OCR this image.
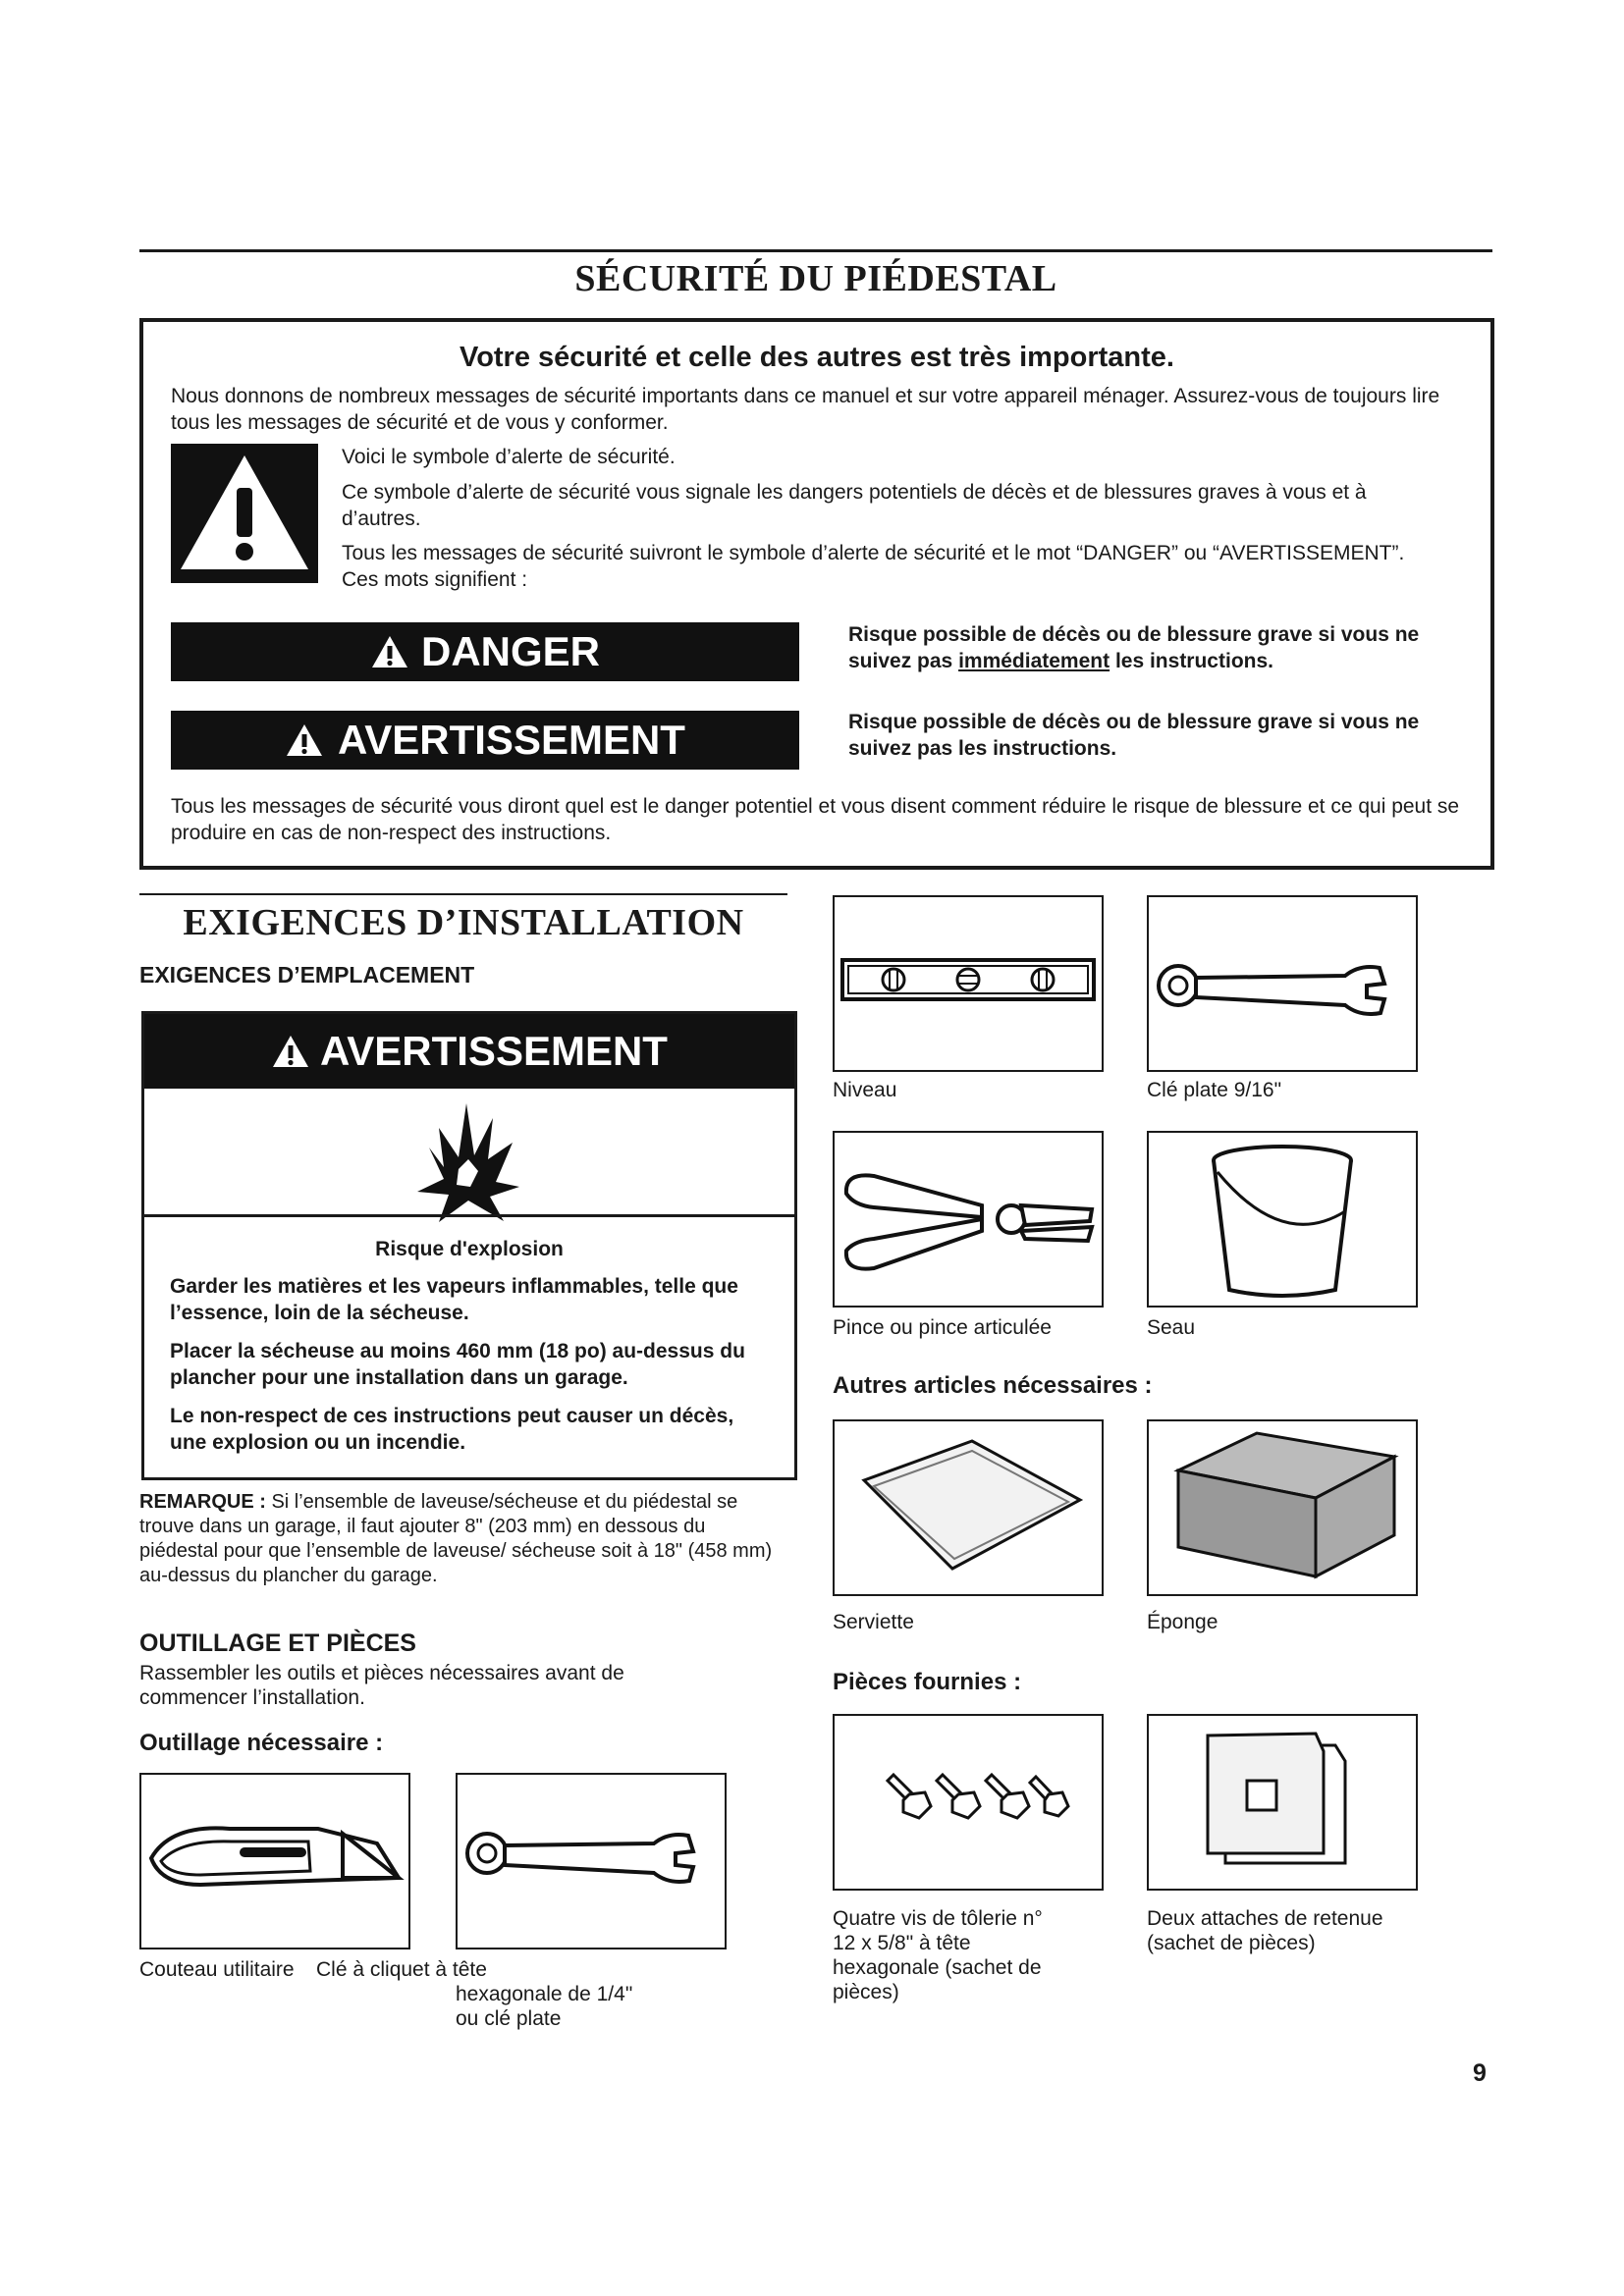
SÉCURITÉ DU PIÉDESTAL
Votre sécurité et celle des autres est très importante.
Nous donnons de nombreux messages de sécurité importants dans ce manuel et sur votre appareil ménager. Assurez-vous de toujours lire tous les messages de sécurité et de vous y conformer.
Voici le symbole d’alerte de sécurité.
Ce symbole d’alerte de sécurité vous signale les dangers potentiels de décès et de blessures graves à vous et à d’autres.
Tous les messages de sécurité suivront le symbole d’alerte de sécurité et le mot “DANGER” ou “AVERTISSEMENT”. Ces mots signifient :
DANGER	Risque possible de décès ou de blessure grave si vous ne suivez pas immédiatement les instructions.
AVERTISSEMENT	Risque possible de décès ou de blessure grave si vous ne suivez pas les instructions.
Tous les messages de sécurité vous diront quel est le danger potentiel et vous disent comment réduire le risque de blessure et ce qui peut se produire en cas de non-respect des instructions.
EXIGENCES D’INSTALLATION
EXIGENCES D’EMPLACEMENT
AVERTISSEMENT
Risque d'explosion
Garder les matières et les vapeurs inflammables, telle que l’essence, loin de la sécheuse.
Placer la sécheuse au moins 460 mm (18 po) au-dessus du plancher pour une installation dans un garage.
Le non-respect de ces instructions peut causer un décès, une explosion ou un incendie.
REMARQUE : Si l’ensemble de laveuse/sécheuse et du piédestal se trouve dans un garage, il faut ajouter 8" (203 mm) en dessous du piédestal pour que l’ensemble de laveuse/ sécheuse soit à 18" (458 mm) au-dessus du plancher du garage.
OUTILLAGE ET PIÈCES
Rassembler les outils et pièces nécessaires avant de commencer l’installation.
Outillage nécessaire :
Couteau utilitaire Clé à cliquet à tête
hexagonale de 1/4"
ou clé plate
Niveau	Clé plate 9/16"
Pince ou pince articulée	Seau
Autres articles nécessaires :
Serviette	Éponge
Pièces fournies :
Quatre vis de tôlerie n° 12 x 5/8" à tête hexagonale (sachet de pièces)
Deux attaches de retenue (sachet de pièces)
9
